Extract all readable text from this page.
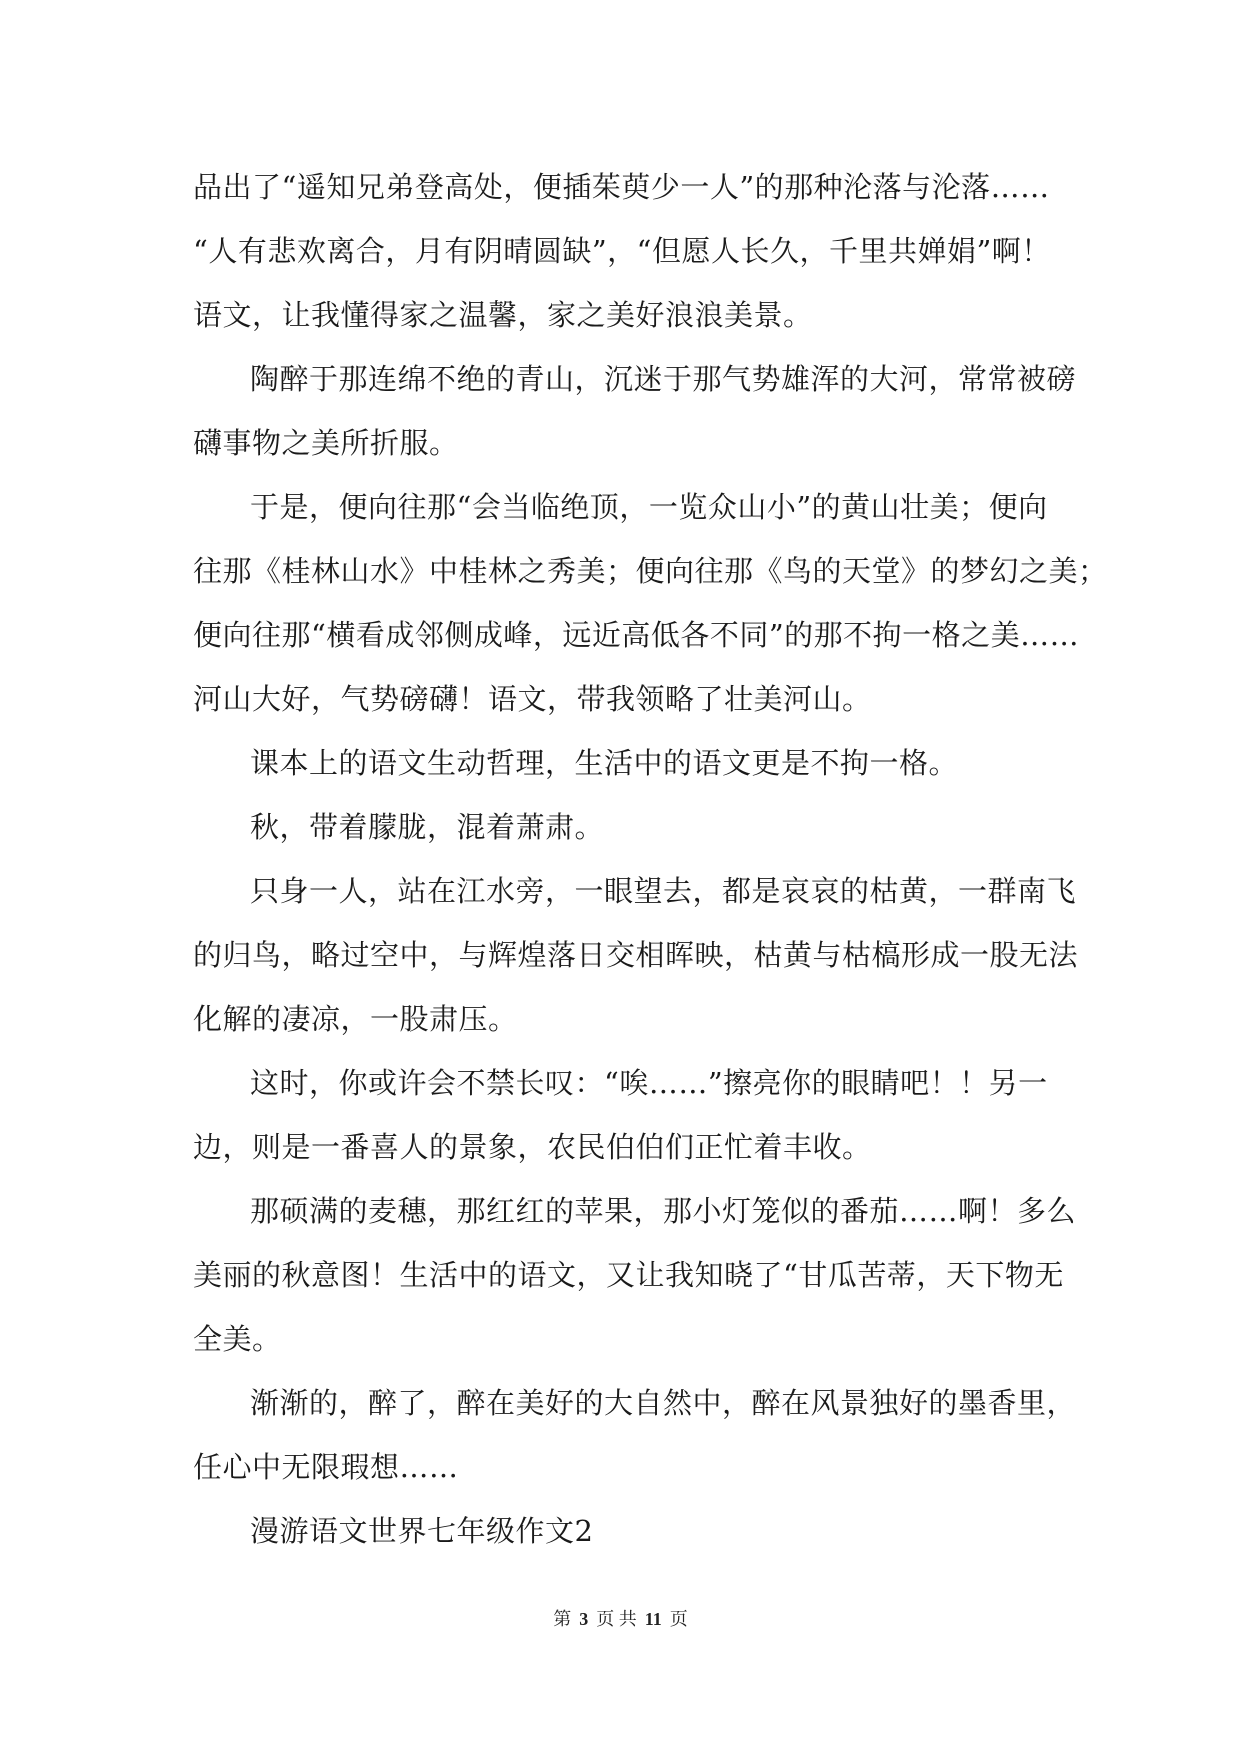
品出了“遥知兄弟登高处，便插茱萸少一人”的那种沦落与沦落……
“人有悲欢离合，月有阴晴圆缺”，“但愿人长久，千里共婵娟”啊！
语文，让我懂得家之温馨，家之美好浪浪美景。
陶醉于那连绵不绝的青山，沉迷于那气势雄浑的大河，常常被磅
礴事物之美所折服。
于是，便向往那“会当临绝顶，一览众山小”的黄山壮美；便向
往那《桂林山水》中桂林之秀美；便向往那《鸟的天堂》的梦幻之美；
便向往那“横看成邻侧成峰，远近高低各不同”的那不拘一格之美……
河山大好，气势磅礴！语文，带我领略了壮美河山。
课本上的语文生动哲理，生活中的语文更是不拘一格。
秋，带着朦胧，混着萧肃。
只身一人，站在江水旁，一眼望去，都是哀哀的枯黄，一群南飞
的归鸟，略过空中，与辉煌落日交相晖映，枯黄与枯槁形成一股无法
化解的凄凉，一股肃压。
这时，你或许会不禁长叹：“唉……”擦亮你的眼睛吧！！另一
边，则是一番喜人的景象，农民伯伯们正忙着丰收。
那硕满的麦穗，那红红的苹果，那小灯笼似的番茄……啊！多么
美丽的秋意图！生活中的语文，又让我知晓了“甘瓜苦蒂，天下物无
全美。
渐渐的，醉了，醉在美好的大自然中，醉在风景独好的墨香里，
任心中无限瑕想……
漫游语文世界七年级作文2
第 3 页 共 11 页
